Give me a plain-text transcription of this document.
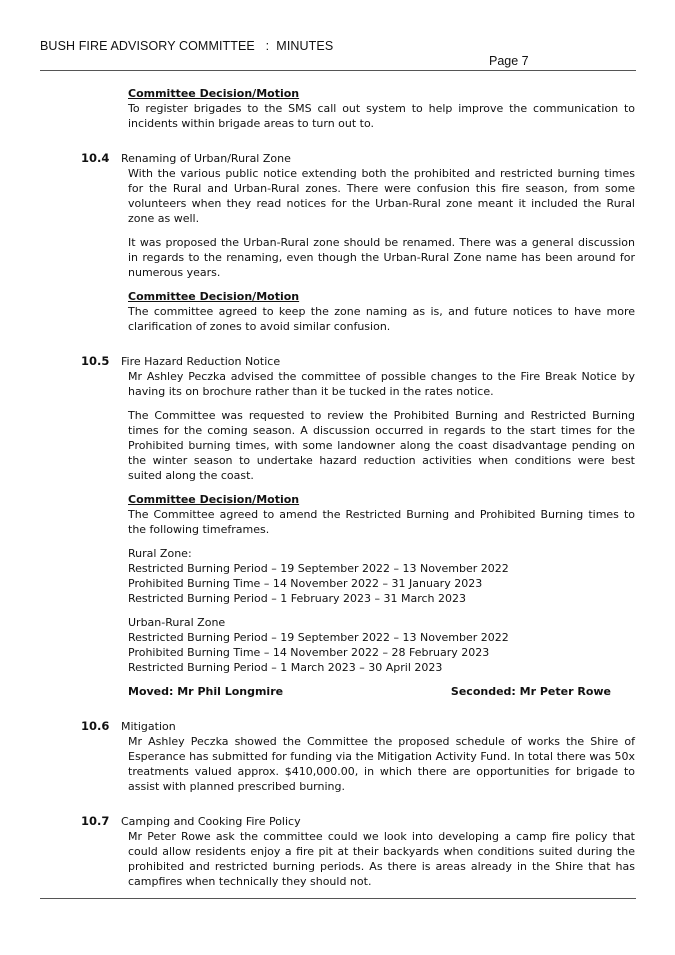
BUSH FIRE ADVISORY COMMITTEE   :  MINUTES
Page 7
Committee Decision/Motion

To register brigades to the SMS call out system to help improve the communication to incidents within brigade areas to turn out to.

10.4 Renaming of Urban/Rural Zone

With the various public notice extending both the prohibited and restricted burning times for the Rural and Urban-Rural zones. There were confusion this fire season, from some volunteers when they read notices for the Urban-Rural zone meant it included the Rural zone as well.

It was proposed the Urban-Rural zone should be renamed. There was a general discussion in regards to the renaming, even though the Urban-Rural Zone name has been around for numerous years.

Committee Decision/Motion

The committee agreed to keep the zone naming as is, and future notices to have more clarification of zones to avoid similar confusion.

10.5 Fire Hazard Reduction Notice

Mr Ashley Peczka advised the committee of possible changes to the Fire Break Notice by having its on brochure rather than it be tucked in the rates notice.

The Committee was requested to review the Prohibited Burning and Restricted Burning times for the coming season. A discussion occurred in regards to the start times for the Prohibited burning times, with some landowner along the coast disadvantage pending on the winter season to undertake hazard reduction activities when conditions were best suited along the coast.

Committee Decision/Motion

The Committee agreed to amend the Restricted Burning and Prohibited Burning times to the following timeframes.

Rural Zone:
Restricted Burning Period – 19 September 2022 – 13 November 2022
Prohibited Burning Time – 14 November 2022 – 31 January 2023
Restricted Burning Period – 1 February 2023 – 31 March 2023
Urban-Rural Zone
Restricted Burning Period – 19 September 2022 – 13 November 2022
Prohibited Burning Time – 14 November 2022 – 28 February 2023
Restricted Burning Period – 1 March 2023 – 30 April 2023
Moved: Mr Phil Longmire	Seconded: Mr Peter Rowe
10.6 Mitigation

Mr Ashley Peczka showed the Committee the proposed schedule of works the Shire of Esperance has submitted for funding via the Mitigation Activity Fund. In total there was 50x treatments valued approx. $410,000.00, in which there are opportunities for brigade to assist with planned prescribed burning.

10.7 Camping and Cooking Fire Policy

Mr Peter Rowe ask the committee could we look into developing a camp fire policy that could allow residents enjoy a fire pit at their backyards when conditions suited during the prohibited and restricted burning periods. As there is areas already in the Shire that has campfires when technically they should not.
